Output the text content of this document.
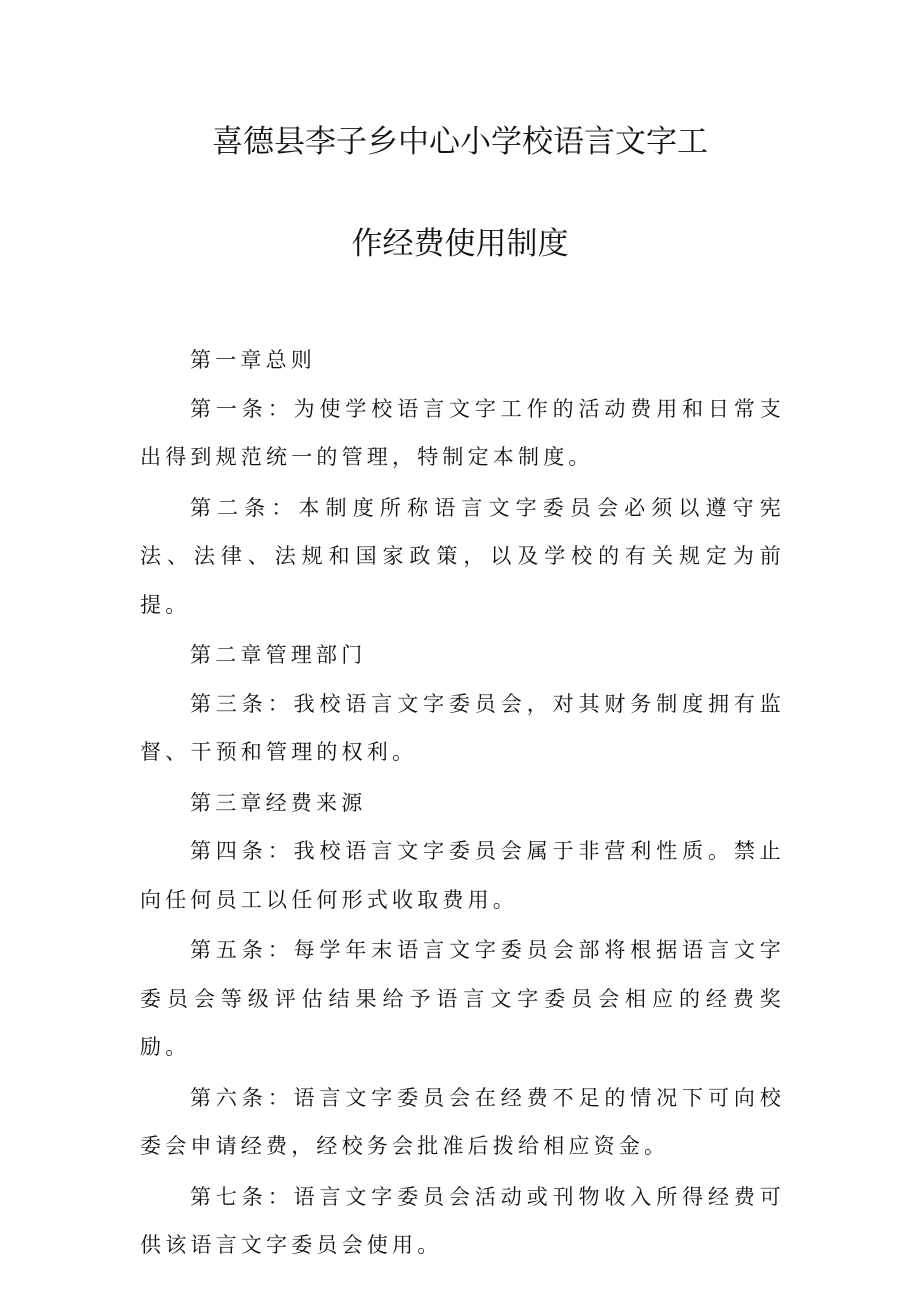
喜德县李子乡中心小学校语言文字工
作经费使用制度

第一章总则

第一条：为使学校语言文字工作的活动费用和日常支出得到规范统一的管理，特制定本制度。

第二条：本制度所称语言文字委员会必须以遵守宪法、法律、法规和国家政策，以及学校的有关规定为前提。

第二章管理部门

第三条：我校语言文字委员会，对其财务制度拥有监督、干预和管理的权利。

第三章经费来源

第四条：我校语言文字委员会属于非营利性质。禁止向任何员工以任何形式收取费用。

第五条：每学年末语言文字委员会部将根据语言文字委员会等级评估结果给予语言文字委员会相应的经费奖励。

第六条：语言文字委员会在经费不足的情况下可向校委会申请经费，经校务会批准后拨给相应资金。

第七条：语言文字委员会活动或刊物收入所得经费可供该语言文字委员会使用。
